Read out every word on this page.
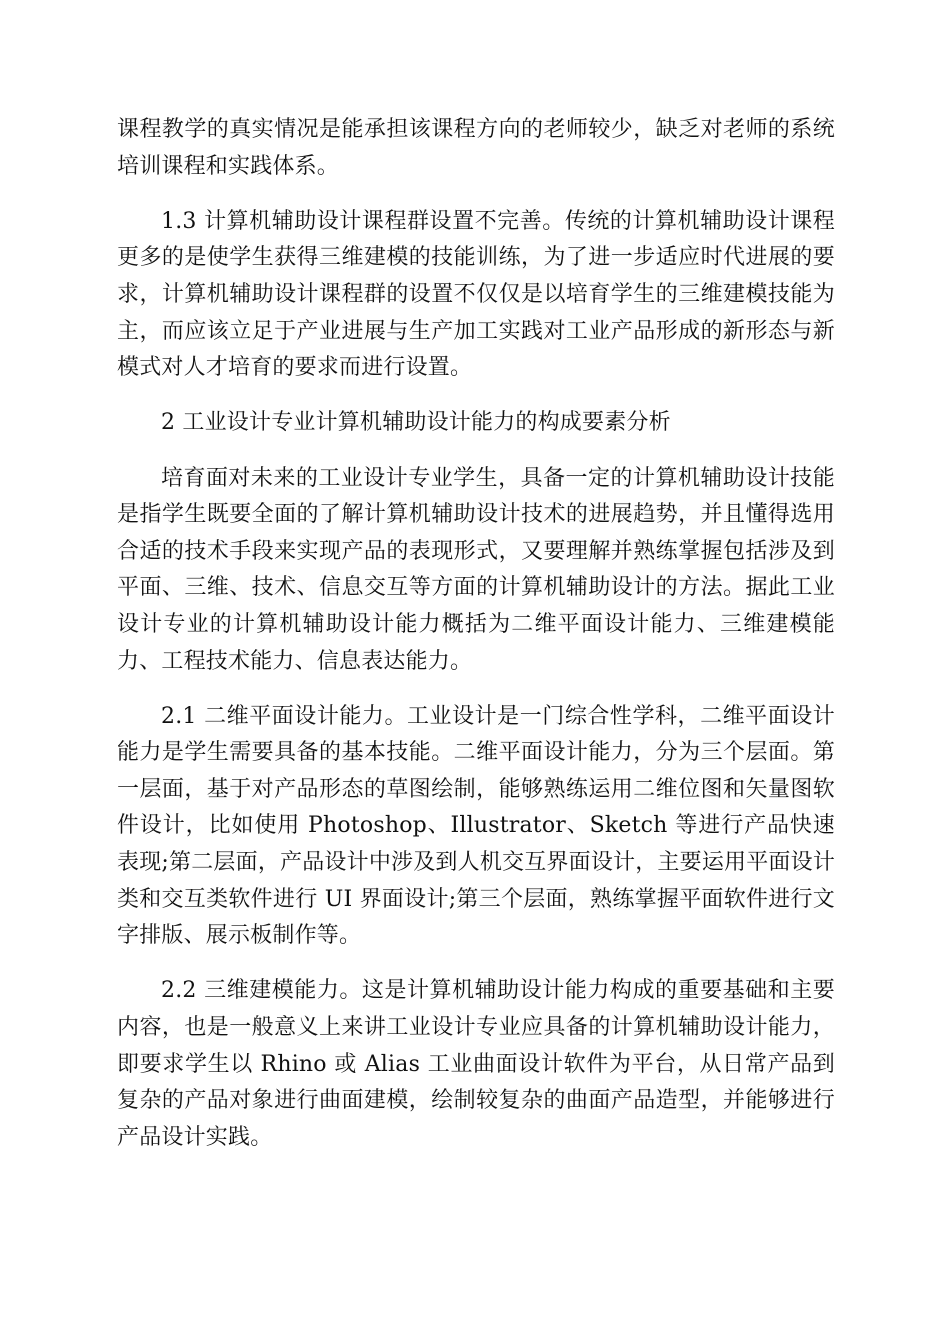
课程教学的真实情况是能承担该课程方向的老师较少，缺乏对老师的系统培训课程和实践体系。

1.3 计算机辅助设计课程群设置不完善。传统的计算机辅助设计课程更多的是使学生获得三维建模的技能训练，为了进一步适应时代进展的要求，计算机辅助设计课程群的设置不仅仅是以培育学生的三维建模技能为主，而应该立足于产业进展与生产加工实践对工业产品形成的新形态与新模式对人才培育的要求而进行设置。

2 工业设计专业计算机辅助设计能力的构成要素分析

培育面对未来的工业设计专业学生，具备一定的计算机辅助设计技能是指学生既要全面的了解计算机辅助设计技术的进展趋势，并且懂得选用合适的技术手段来实现产品的表现形式，又要理解并熟练掌握包括涉及到平面、三维、技术、信息交互等方面的计算机辅助设计的方法。据此工业设计专业的计算机辅助设计能力概括为二维平面设计能力、三维建模能力、工程技术能力、信息表达能力。

2.1 二维平面设计能力。工业设计是一门综合性学科，二维平面设计能力是学生需要具备的基本技能。二维平面设计能力，分为三个层面。第一层面，基于对产品形态的草图绘制，能够熟练运用二维位图和矢量图软件设计，比如使用 Photoshop、Illustrator、Sketch 等进行产品快速表现;第二层面，产品设计中涉及到人机交互界面设计，主要运用平面设计类和交互类软件进行 UI 界面设计;第三个层面，熟练掌握平面软件进行文字排版、展示板制作等。

2.2 三维建模能力。这是计算机辅助设计能力构成的重要基础和主要内容，也是一般意义上来讲工业设计专业应具备的计算机辅助设计能力，即要求学生以 Rhino 或 Alias 工业曲面设计软件为平台，从日常产品到复杂的产品对象进行曲面建模，绘制较复杂的曲面产品造型，并能够进行产品设计实践。
